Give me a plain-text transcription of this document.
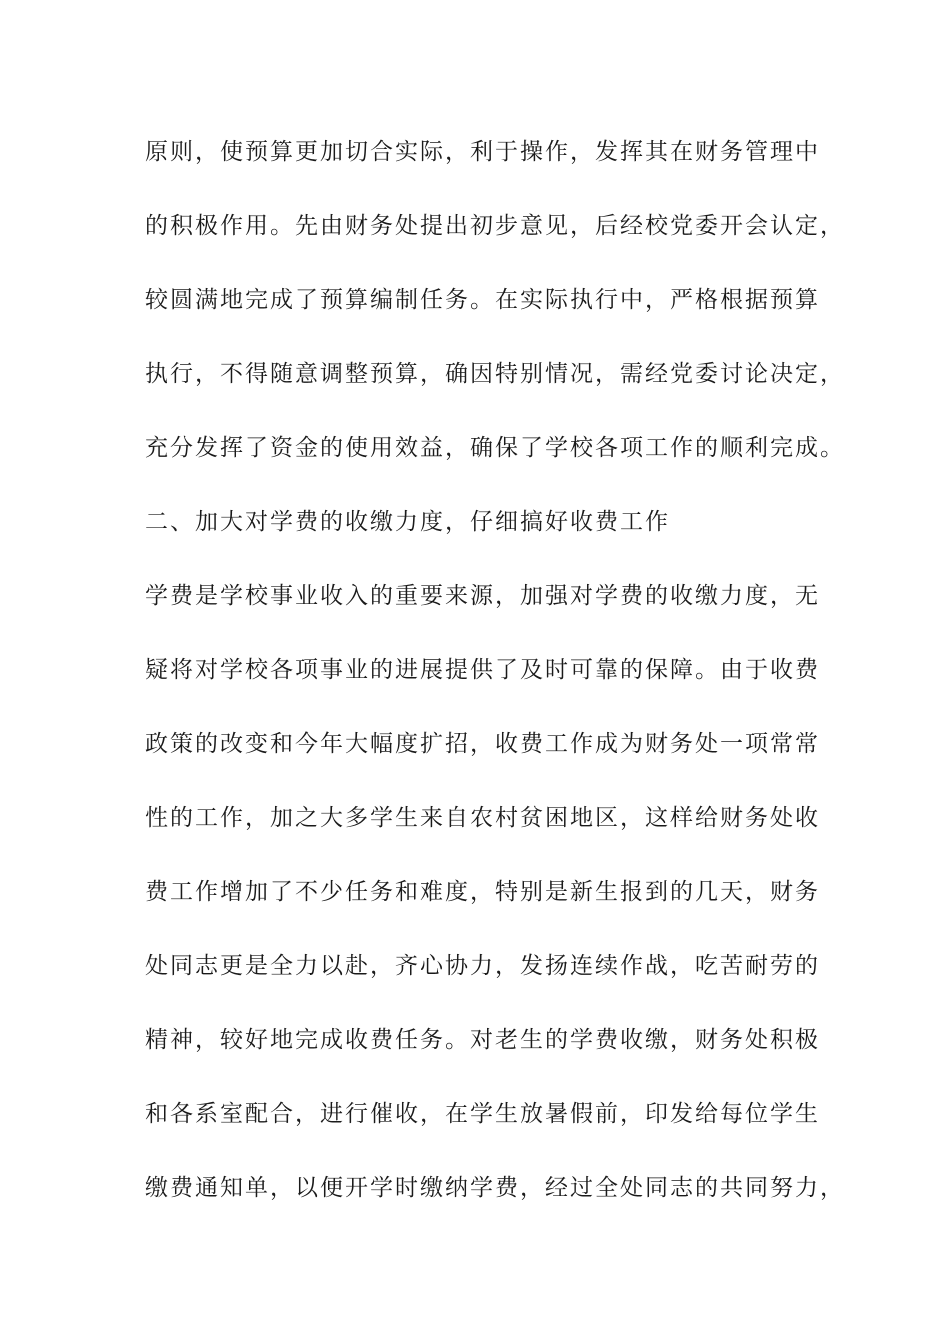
原则，使预算更加切合实际，利于操作，发挥其在财务管理中
的积极作用。先由财务处提出初步意见，后经校党委开会认定，
较圆满地完成了预算编制任务。在实际执行中，严格根据预算
执行，不得随意调整预算，确因特别情况，需经党委讨论决定，
充分发挥了资金的使用效益，确保了学校各项工作的顺利完成。
二、加大对学费的收缴力度，仔细搞好收费工作
学费是学校事业收入的重要来源，加强对学费的收缴力度，无
疑将对学校各项事业的进展提供了及时可靠的保障。由于收费
政策的改变和今年大幅度扩招，收费工作成为财务处一项常常
性的工作，加之大多学生来自农村贫困地区，这样给财务处收
费工作增加了不少任务和难度，特别是新生报到的几天，财务
处同志更是全力以赴，齐心协力，发扬连续作战，吃苦耐劳的
精神，较好地完成收费任务。对老生的学费收缴，财务处积极
和各系室配合，进行催收，在学生放暑假前，印发给每位学生
缴费通知单，以便开学时缴纳学费，经过全处同志的共同努力，
